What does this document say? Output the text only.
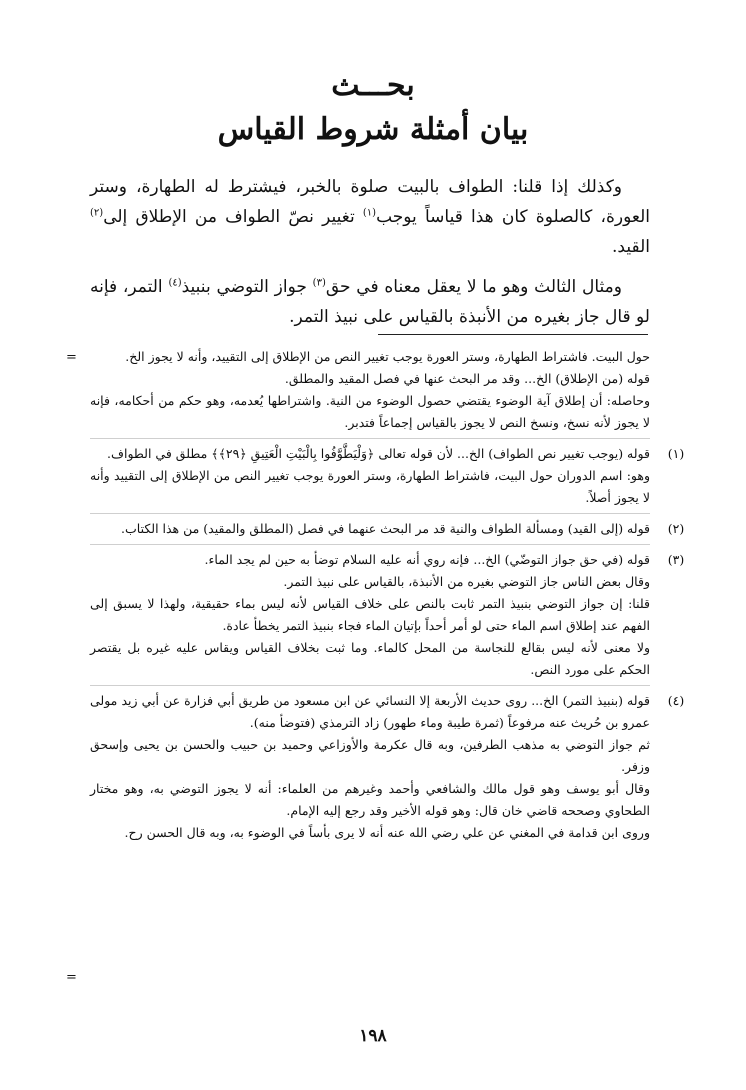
بحـــث
بيان أمثلة شروط القياس

وكذلك إذا قلنا: الطواف بالبيت صلوة بالخبر، فيشترط له الطهارة، وستر العورة، كالصلوة كان هذا قياساً يوجب$^{(١)}$ تغيير نصّ الطواف من الإطلاق إلى$^{(٢)}$ القيد.

ومثال الثالث وهو ما لا يعقل معناه في حق$^{(٣)}$ جواز التوضي بنبيذ$^{(٤)}$ التمر، فإنه لو قال جاز بغيره من الأنبذة بالقياس على نبيذ التمر.

=	حول البيت. فاشتراط الطهارة، وستر العورة يوجب تغيير النص من الإطلاق إلى التقييد، وأنه لا يجوز الخ.
قوله (من الإطلاق) الخ... وقد مر البحث عنها في فصل المقيد والمطلق.
وحاصله: أن إطلاق آية الوضوء يقتضي حصول الوضوء من النية. واشتراطها يُعدمه، وهو حكم من أحكامه، فإنه لا يجوز لأنه نسخ، ونسخ النص لا يجوز بالقياس إجماعاً فتدبر.
(١)
قوله (يوجب تغيير نص الطواف) الخ... لأن قوله تعالى ﴿وَلْيَطَّوَّفُوا بِالْبَيْتِ الْعَتِيقِ ﴿٢٩﴾﴾ مطلق في الطواف.
وهو: اسم الدوران حول البيت، فاشتراط الطهارة، وستر العورة يوجب تغيير النص من الإطلاق إلى التقييد وأنه لا يجوز أصلاً.
(٢)
قوله (إلى القيد) ومسألة الطواف والنية قد مر البحث عنهما في فصل (المطلق والمقيد) من هذا الكتاب.
(٣)
قوله (في حق جواز التوضّي) الخ... فإنه روي أنه عليه السلام توضأ به حين لم يجد الماء.
وقال بعض الناس جاز التوضي بغيره من الأنبذة، بالقياس على نبيذ التمر.
قلنا: إن جواز التوضي بنبيذ التمر ثابت بالنص على خلاف القياس لأنه ليس بماء حقيقية، ولهذا لا يسبق إلى الفهم عند إطلاق اسم الماء حتى لو أمر أحداً بإتيان الماء فجاء بنبيذ التمر يخطأ عادة.
ولا معنى لأنه ليس بقالع للنجاسة من المحل كالماء. وما ثبت بخلاف القياس ويقاس عليه غيره بل يقتصر الحكم على مورد النص.
(٤)
قوله (بنبيذ التمر) الخ... روى حديث الأربعة إلا النسائي عن ابن مسعود من طريق أبي فزارة عن أبي زيد مولى عمرو بن حُريث عنه مرفوعاً (ثمرة طيبة وماء طهور) زاد الترمذي (فتوضأ منه).
ثم جواز التوضي به مذهب الطرفين، وبه قال عكرمة والأوزاعي وحميد بن حبيب والحسن بن يحيى وإسحق وزفر.
وقال أبو يوسف وهو قول مالك والشافعي وأحمد وغيرهم من العلماء: أنه لا يجوز التوضي به، وهو مختار الطحاوي وصححه قاضي خان قال: وهو قوله الأخير وقد رجع إليه الإمام.
وروى ابن قدامة في المغني عن علي رضي الله عنه أنه لا يرى بأساً في الوضوء به، وبه قال الحسن رح.
=
١٩٨
